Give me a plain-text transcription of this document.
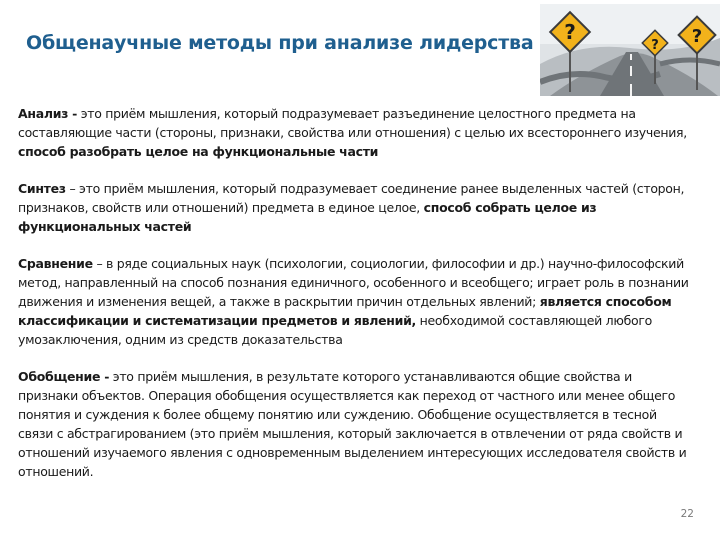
Общенаучные методы при анализе лидерства ?
? ?

Анализ - это приём мышления, который подразумевает разъединение целостного предмета на составляющие части (стороны, признаки, свойства или отношения) с целью их всестороннего изучения, способ разобрать целое на функциональные части

Синтез – это приём мышления, который подразумевает соединение ранее выделенных частей (сторон, признаков, свойств или отношений) предмета в единое целое, способ собрать целое из функциональных частей

Сравнение – в ряде социальных наук (психологии, социологии, философии и др.) научно-философский метод, направленный на способ познания единичного, особенного и всеобщего; играет роль в познании движения и изменения вещей, а также в раскрытии причин отдельных явлений; является способом классификации и систематизации предметов и явлений, необходимой составляющей любого умозаключения, одним из средств доказательства

Обобщение - это приём мышления, в результате которого устанавливаются общие свойства и признаки объектов. Операция обобщения осуществляется как переход от частного или менее общего понятия и суждения к более общему понятию или суждению. Обобщение осуществляется в тесной связи с абстрагированием (это приём мышления, который заключается в отвлечении от ряда свойств и отношений изучаемого явления с одновременным выделением интересующих исследователя свойств и отношений.

22
